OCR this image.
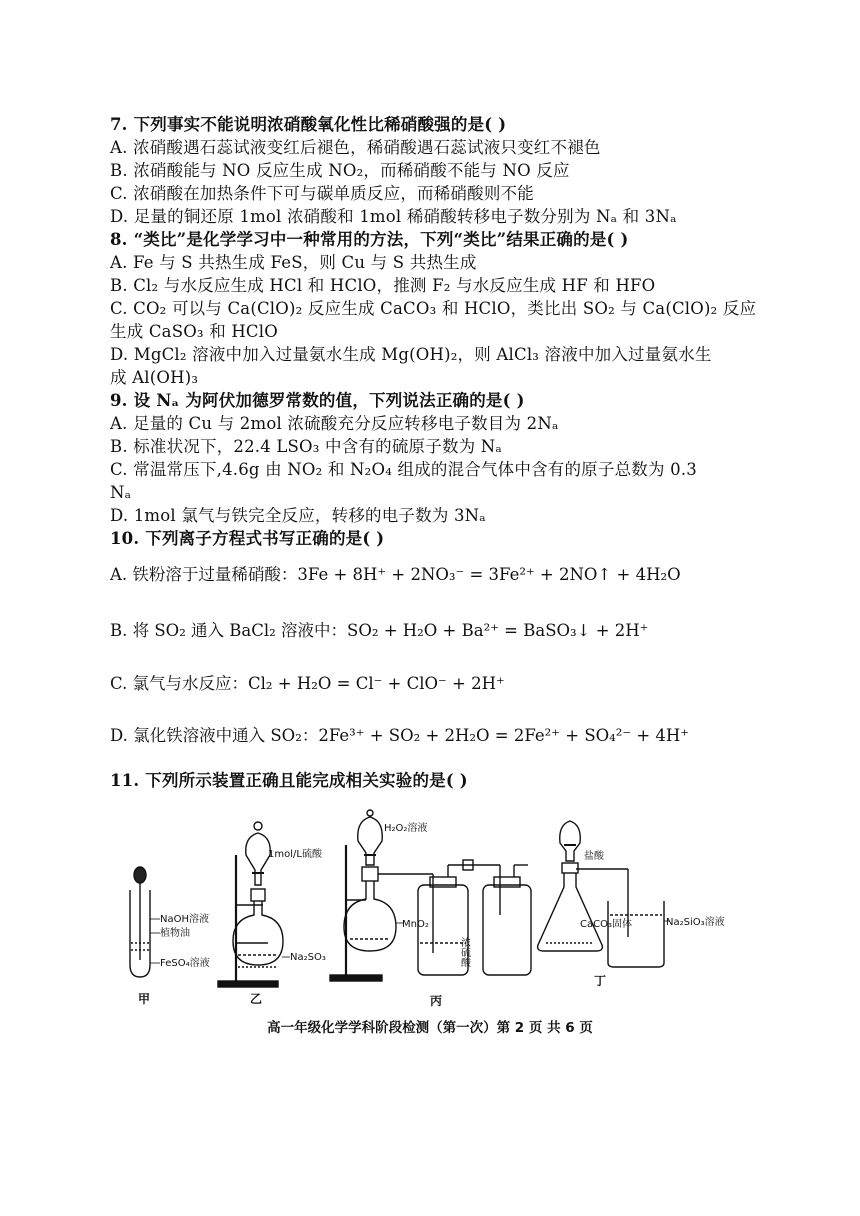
7. 下列事实不能说明浓硝酸氧化性比稀硝酸强的是( )
A. 浓硝酸遇石蕊试液变红后褪色，稀硝酸遇石蕊试液只变红不褪色
B. 浓硝酸能与 NO 反应生成 NO₂，而稀硝酸不能与 NO 反应
C. 浓硝酸在加热条件下可与碳单质反应，而稀硝酸则不能
D. 足量的铜还原 1mol 浓硝酸和 1mol 稀硝酸转移电子数分别为 Nₐ 和 3Nₐ
8. “类比”是化学学习中一种常用的方法，下列“类比”结果正确的是( )
A. Fe 与 S 共热生成 FeS，则 Cu 与 S 共热生成
B. Cl₂ 与水反应生成 HCl 和 HClO，推测 F₂ 与水反应生成 HF 和 HFO
C. CO₂ 可以与 Ca(ClO)₂ 反应生成 CaCO₃ 和 HClO，类比出 SO₂ 与 Ca(ClO)₂ 反应
生成 CaSO₃ 和 HClO
D. MgCl₂ 溶液中加入过量氨水生成 Mg(OH)₂，则 AlCl₃ 溶液中加入过量氨水生
成 Al(OH)₃
9. 设 Nₐ 为阿伏加德罗常数的值，下列说法正确的是( )
A. 足量的 Cu 与 2mol 浓硫酸充分反应转移电子数目为 2Nₐ
B. 标准状况下，22.4 LSO₃ 中含有的硫原子数为 Nₐ
C. 常温常压下,4.6g 由 NO₂ 和 N₂O₄ 组成的混合气体中含有的原子总数为 0.3
Nₐ
D. 1mol 氯气与铁完全反应，转移的电子数为 3Nₐ
10. 下列离子方程式书写正确的是( )
A. 铁粉溶于过量稀硝酸：3Fe + 8H⁺ + 2NO₃⁻ = 3Fe²⁺ + 2NO↑ + 4H₂O
B. 将 SO₂ 通入 BaCl₂ 溶液中：SO₂ + H₂O + Ba²⁺ = BaSO₃↓ + 2H⁺
C. 氯气与水反应：Cl₂ + H₂O = Cl⁻ + ClO⁻ + 2H⁺
D. 氯化铁溶液中通入 SO₂：2Fe³⁺ + SO₂ + 2H₂O = 2Fe²⁺ + SO₄²⁻ + 4H⁺
11. 下列所示装置正确且能完成相关实验的是( )
NaOH溶液
植物油
FeSO₄溶液
甲
1mol/L硫酸
Na₂SO₃
乙
H₂O₂溶液
MnO₂
浓硫酸
丙
盐酸
CaCO₃固体	Na₂SiO₃溶液
丁
高一年级化学学科阶段检测（第一次）第 2 页 共 6 页
